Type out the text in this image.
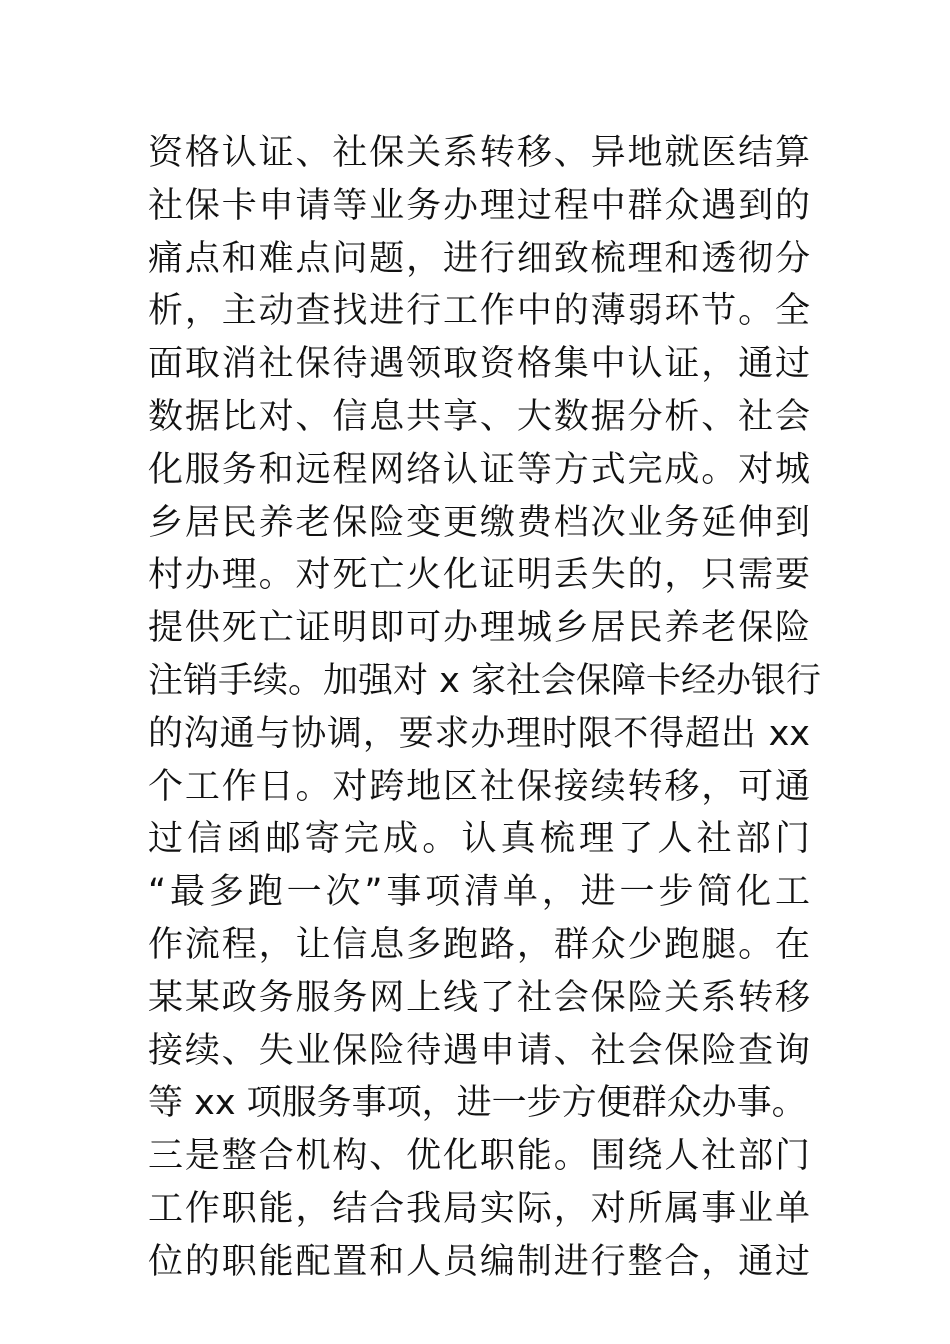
资格认证、社保关系转移、异地就医结算
社保卡申请等业务办理过程中群众遇到的
痛点和难点问题，进行细致梳理和透彻分
析，主动查找进行工作中的薄弱环节。全
面取消社保待遇领取资格集中认证，通过
数据比对、信息共享、大数据分析、社会
化服务和远程网络认证等方式完成。对城
乡居民养老保险变更缴费档次业务延伸到
村办理。对死亡火化证明丢失的，只需要
提供死亡证明即可办理城乡居民养老保险
注销手续。加强对 x 家社会保障卡经办银行
的沟通与协调，要求办理时限不得超出 xx
个工作日。对跨地区社保接续转移，可通
过信函邮寄完成。认真梳理了人社部门
“最多跑一次”事项清单，进一步简化工
作流程，让信息多跑路，群众少跑腿。在
某某政务服务网上线了社会保险关系转移
接续、失业保险待遇申请、社会保险查询
等 xx 项服务事项，进一步方便群众办事。
三是整合机构、优化职能。围绕人社部门
工作职能，结合我局实际，对所属事业单
位的职能配置和人员编制进行整合，通过
